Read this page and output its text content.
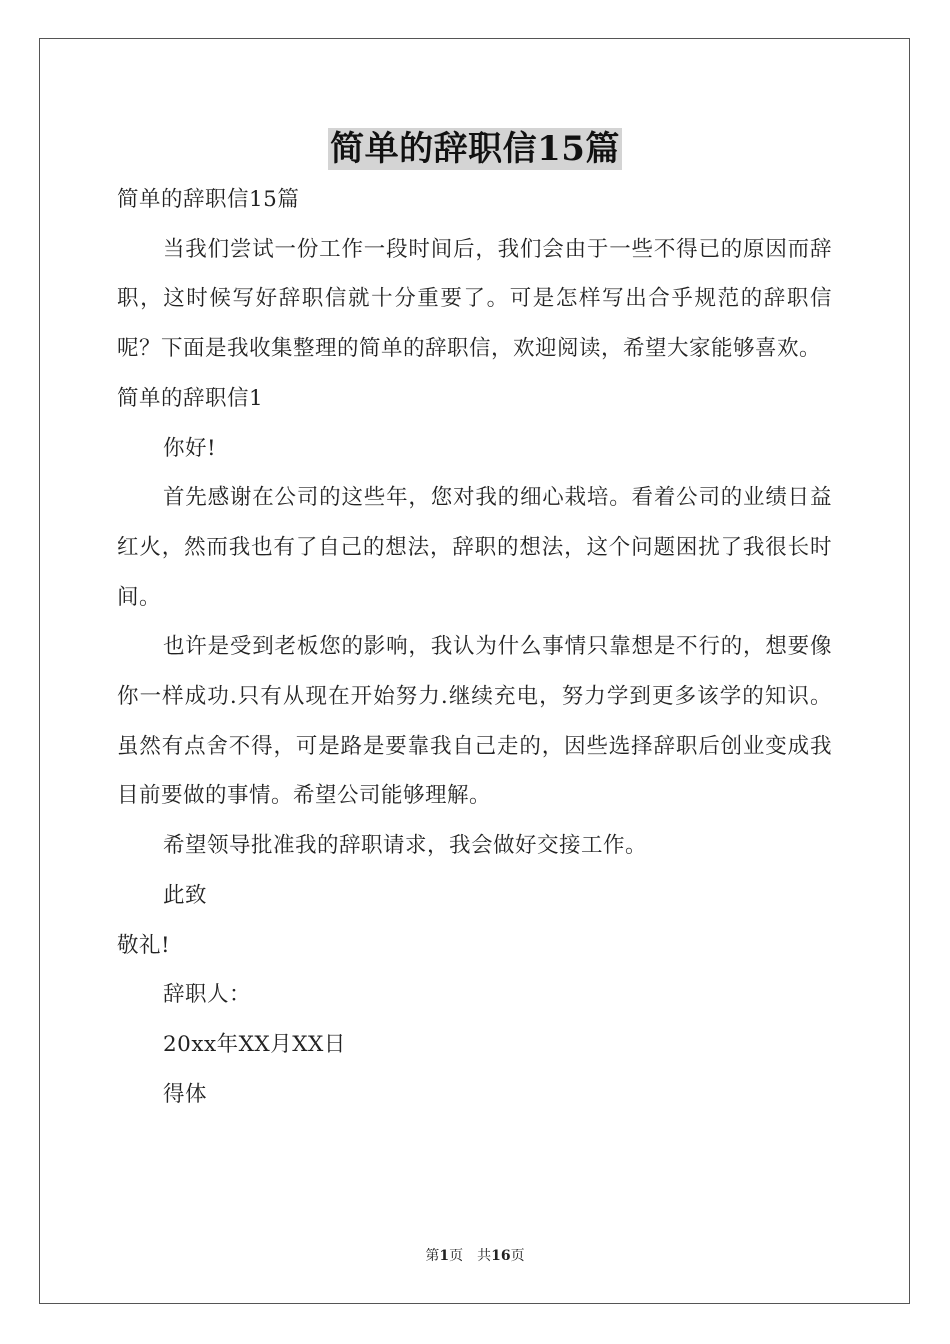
简单的辞职信15篇

简单的辞职信15篇

当我们尝试一份工作一段时间后，我们会由于一些不得已的原因而辞职，这时候写好辞职信就十分重要了。可是怎样写出合乎规范的辞职信呢？下面是我收集整理的简单的辞职信，欢迎阅读，希望大家能够喜欢。

简单的辞职信1

你好!

首先感谢在公司的这些年，您对我的细心栽培。看着公司的业绩日益红火，然而我也有了自己的想法，辞职的想法，这个问题困扰了我很长时间。

也许是受到老板您的影响，我认为什么事情只靠想是不行的，想要像你一样成功.只有从现在开始努力.继续充电，努力学到更多该学的知识。虽然有点舍不得，可是路是要靠我自己走的，因些选择辞职后创业变成我目前要做的事情。希望公司能够理解。

希望领导批准我的辞职请求，我会做好交接工作。

此致

敬礼!

辞职人：

20xx年XX月XX日

得体

第1页 共16页
